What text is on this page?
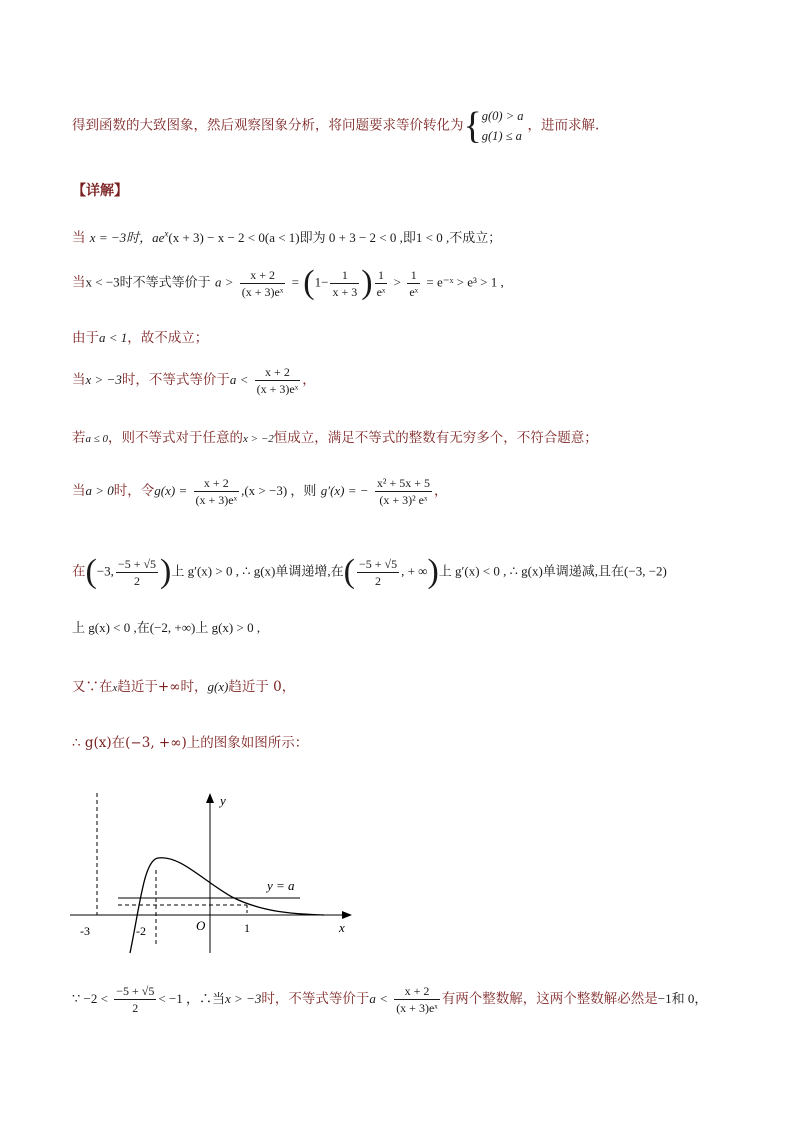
得到函数的大致图象，然后观察图象分析，将问题要求等价转化为{ g(0) > a
g(1) ≤ a
，进而求解.
【详解】
当 x = −3时，$ae^x(x + 3) - x - 2 < 0(a < 1)$即为 0 + 3 − 2 < 0 ,即1 < 0 ,不成立；
当x < −3时不等式等价于 $a > \frac{x + 2}{\text{(x + 3)eˣ}} = (1- \frac{1}{x + 3}$ ) $\frac{1}{\text{eˣ}} > \frac{1}{\text{eˣ}}$ = e⁻ˣ > e³ > 1 ,
由于a < 1，故不成立；
当x > −3时，不等式等价于$a < \frac{x + 2}{\text{(x + 3)eˣ}}$ ，
若a ≤ 0，则不等式对于任意的x > −2恒成立，满足不等式的整数有无穷多个，不符合题意；
当a > 0时，令$g(x) = \frac{x + 2}{\text{(x + 3)eˣ}} ,(x > -3)$ ，则 g′(x) = − $\frac{\text{x² + 5x + 5}}{\text{(x + 3)² eˣ}}$ ，
在(−3, $\frac{-5 + √5}{2}$ )上 g′(x) > 0 , ∴ g(x)单调递增,在( $\frac{-5 + √5}{2}$ , + ∞)上 g′(x) < 0 , ∴ g(x)单调递减,且在(−3, −2)
上 g(x) < 0 ,在(−2, +∞)上 g(x) > 0 ,
又∵在x趋近于+∞时，g(x)趋近于 0，
∴ g(x)在(−3, +∞)上的图象如图所示：
y
x
y = a
O
-3	-2	1
∵ $-2 < \frac{-5 + √5}{2} < -1$ ，∴当x > −3时，不等式等价于$a < \frac{x + 2}{\text{(x + 3)eˣ}}$ 有两个整数解，这两个整数解必然是−1和 0，
